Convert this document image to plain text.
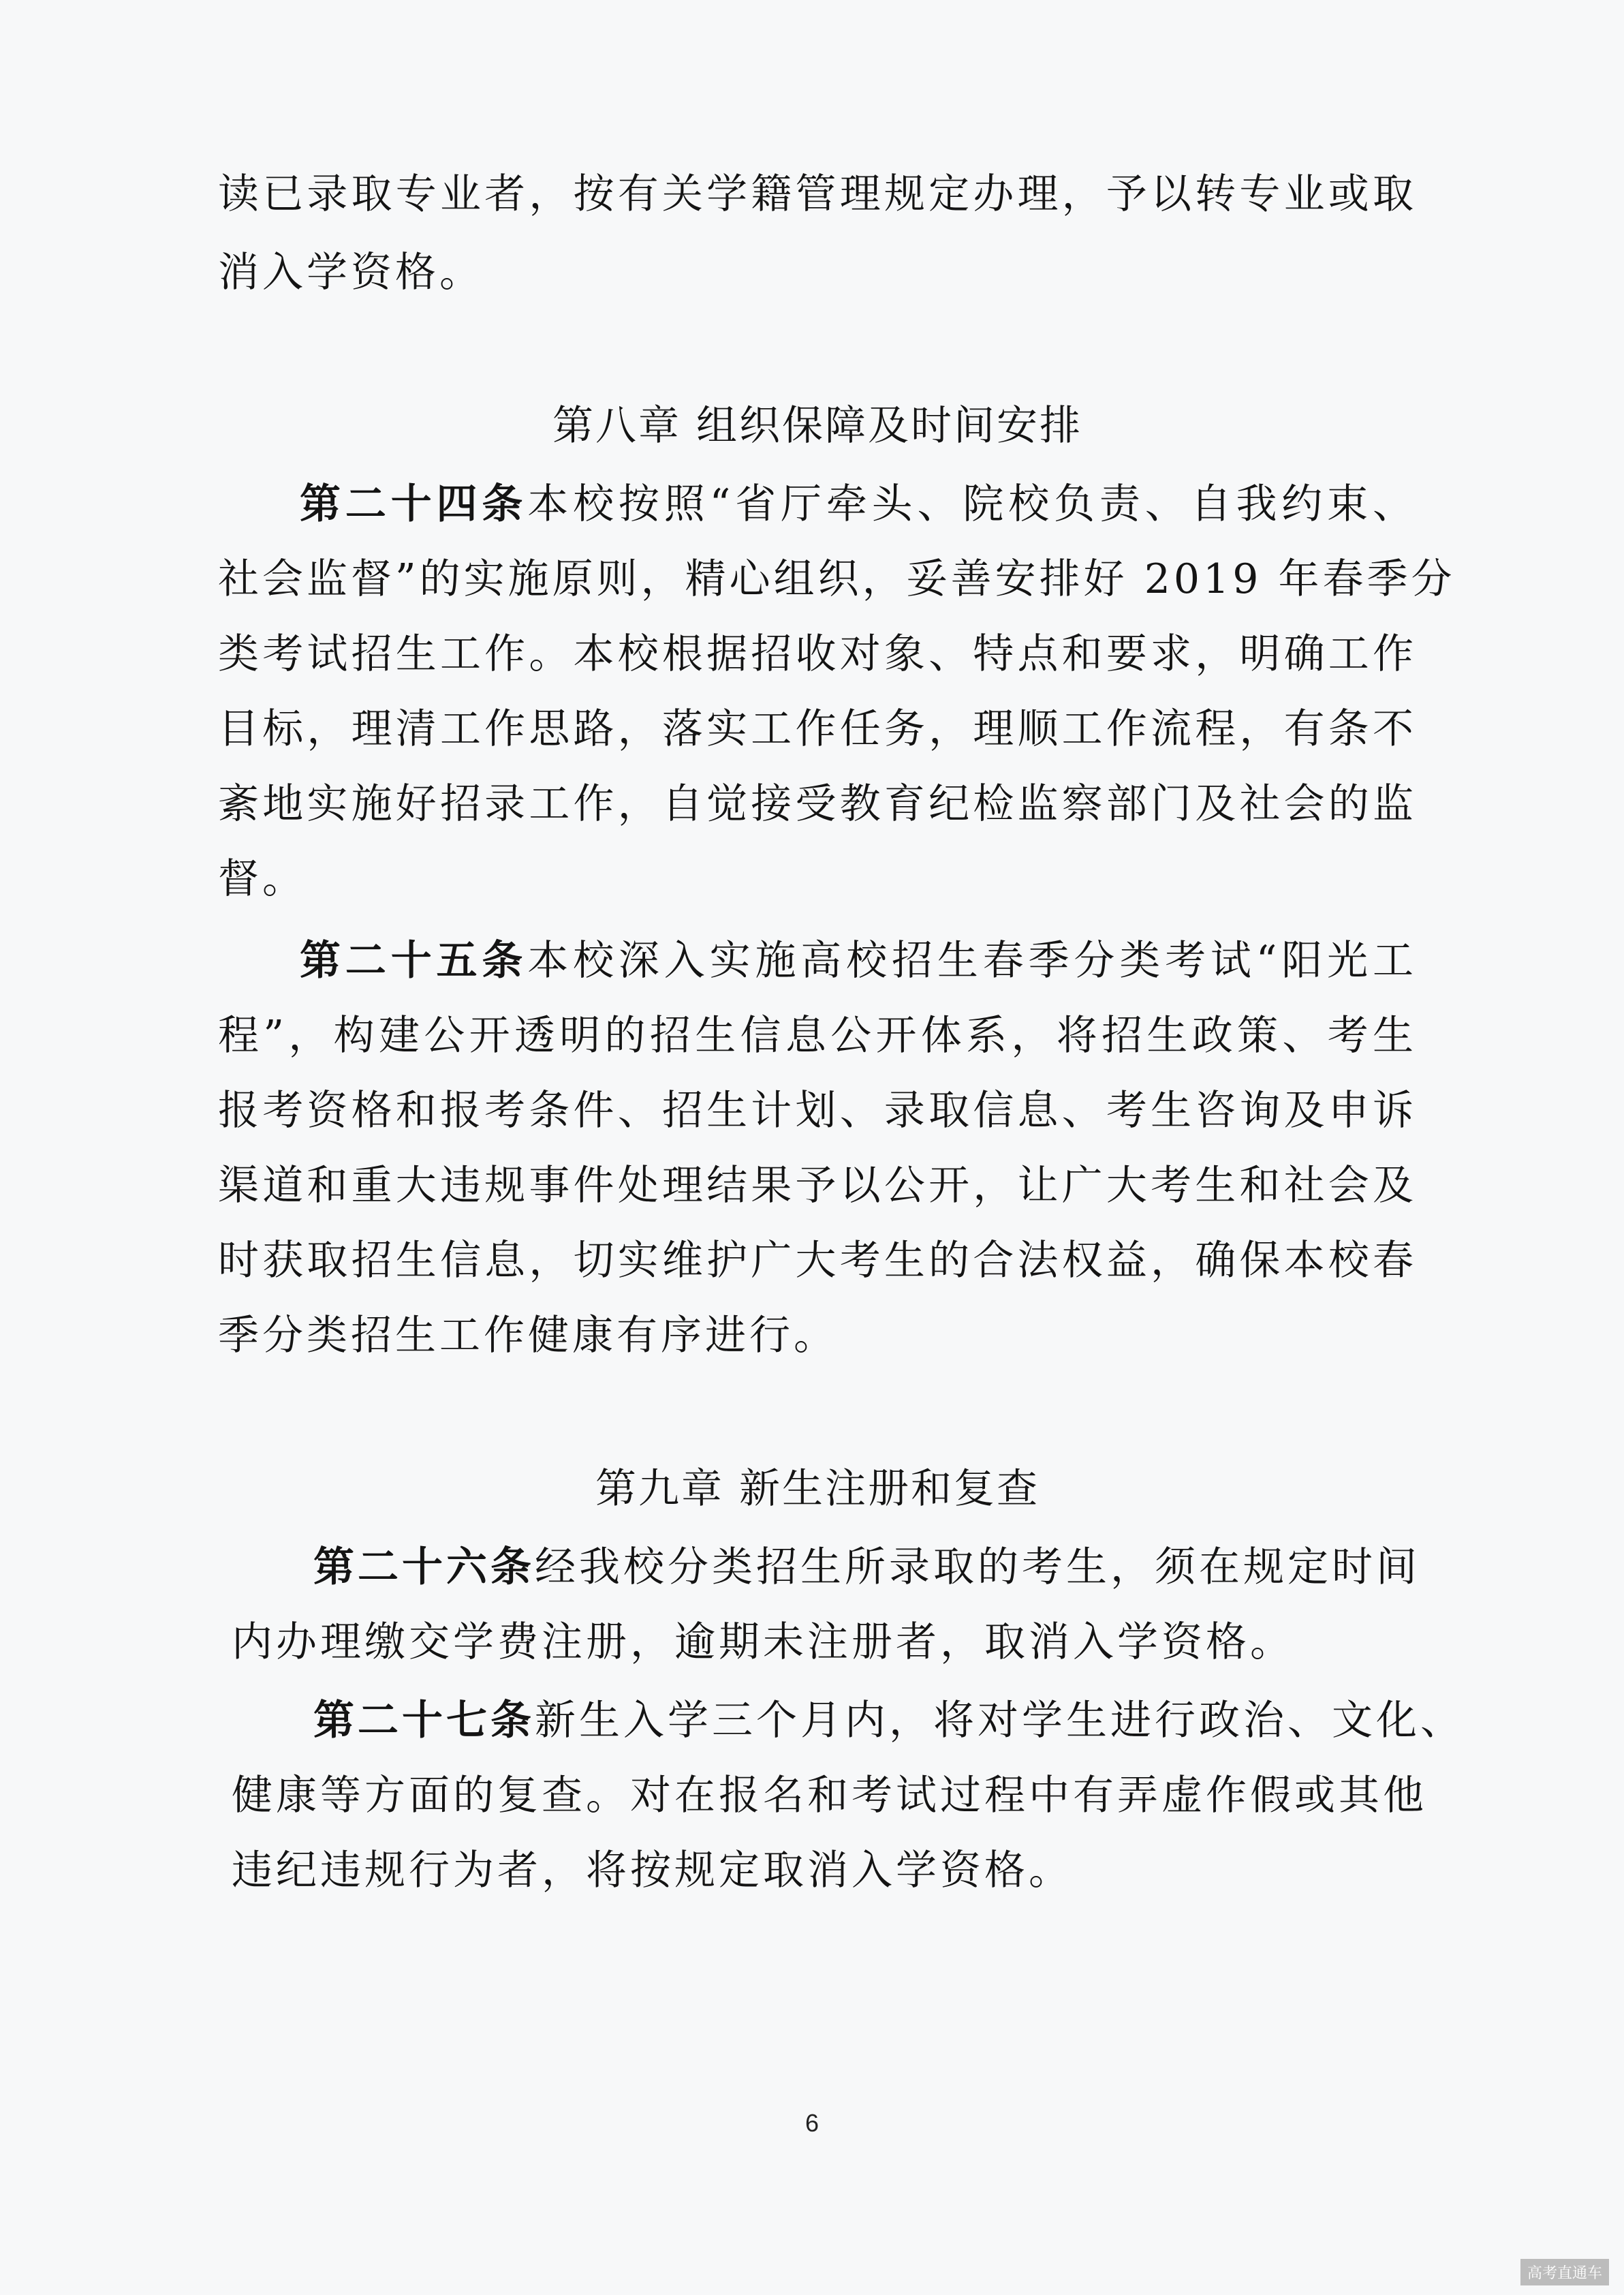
读已录取专业者，按有关学籍管理规定办理，予以转专业或取
消入学资格。
第八章 组织保障及时间安排
第二十四条本校按照“省厅牵头、院校负责、自我约束、
社会监督”的实施原则，精心组织，妥善安排好 2019 年春季分
类考试招生工作。本校根据招收对象、特点和要求，明确工作
目标，理清工作思路，落实工作任务，理顺工作流程，有条不
紊地实施好招录工作，自觉接受教育纪检监察部门及社会的监
督。
第二十五条本校深入实施高校招生春季分类考试“阳光工
程”，构建公开透明的招生信息公开体系，将招生政策、考生
报考资格和报考条件、招生计划、录取信息、考生咨询及申诉
渠道和重大违规事件处理结果予以公开，让广大考生和社会及
时获取招生信息，切实维护广大考生的合法权益，确保本校春
季分类招生工作健康有序进行。
第九章 新生注册和复查
第二十六条经我校分类招生所录取的考生，须在规定时间
内办理缴交学费注册，逾期未注册者，取消入学资格。
第二十七条新生入学三个月内，将对学生进行政治、文化、
健康等方面的复查。对在报名和考试过程中有弄虚作假或其他
违纪违规行为者，将按规定取消入学资格。
6
高考直通车
